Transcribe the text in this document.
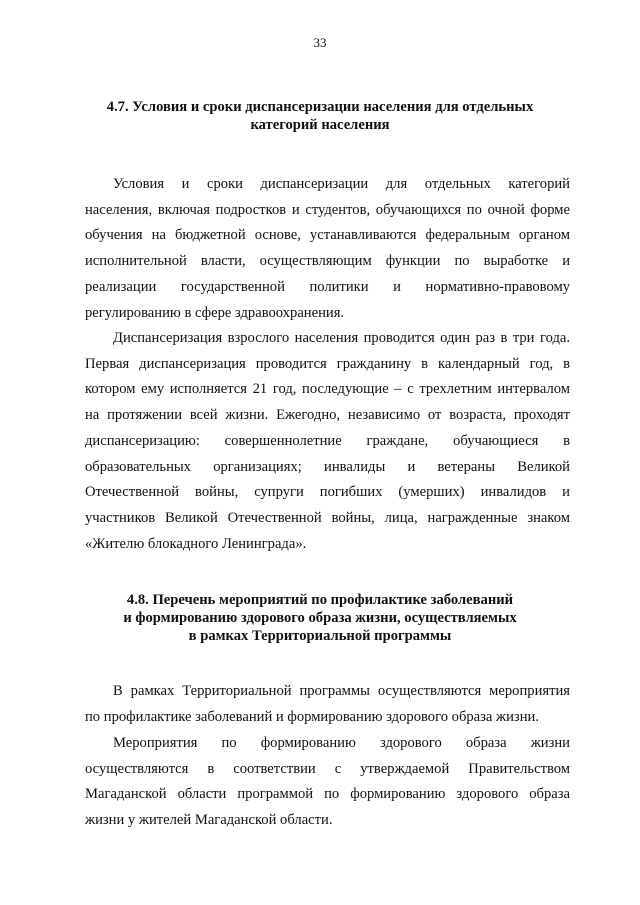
33
4.7. Условия и сроки диспансеризации населения для отдельных
категорий населения
Условия и сроки диспансеризации для отдельных категорий
населения, включая подростков и студентов, обучающихся по очной форме
обучения на бюджетной основе, устанавливаются федеральным органом
исполнительной власти, осуществляющим функции по выработке и
реализации государственной политики и нормативно-правовому
регулированию в сфере здравоохранения.
Диспансеризация взрослого населения проводится один раз в три года.
Первая диспансеризация проводится гражданину в календарный год, в
котором ему исполняется 21 год, последующие – с трехлетним интервалом
на протяжении всей жизни. Ежегодно, независимо от возраста, проходят
диспансеризацию: совершеннолетние граждане, обучающиеся в
образовательных организациях; инвалиды и ветераны Великой
Отечественной войны, супруги погибших (умерших) инвалидов и
участников Великой Отечественной войны, лица, награжденные знаком
«Жителю блокадного Ленинграда».
4.8. Перечень мероприятий по профилактике заболеваний
и формированию здорового образа жизни, осуществляемых
в рамках Территориальной программы
В рамках Территориальной программы осуществляются мероприятия
по профилактике заболеваний и формированию здорового образа жизни.
Мероприятия по формированию здорового образа жизни
осуществляются в соответствии с утверждаемой Правительством
Магаданской области программой по формированию здорового образа
жизни у жителей Магаданской области.
